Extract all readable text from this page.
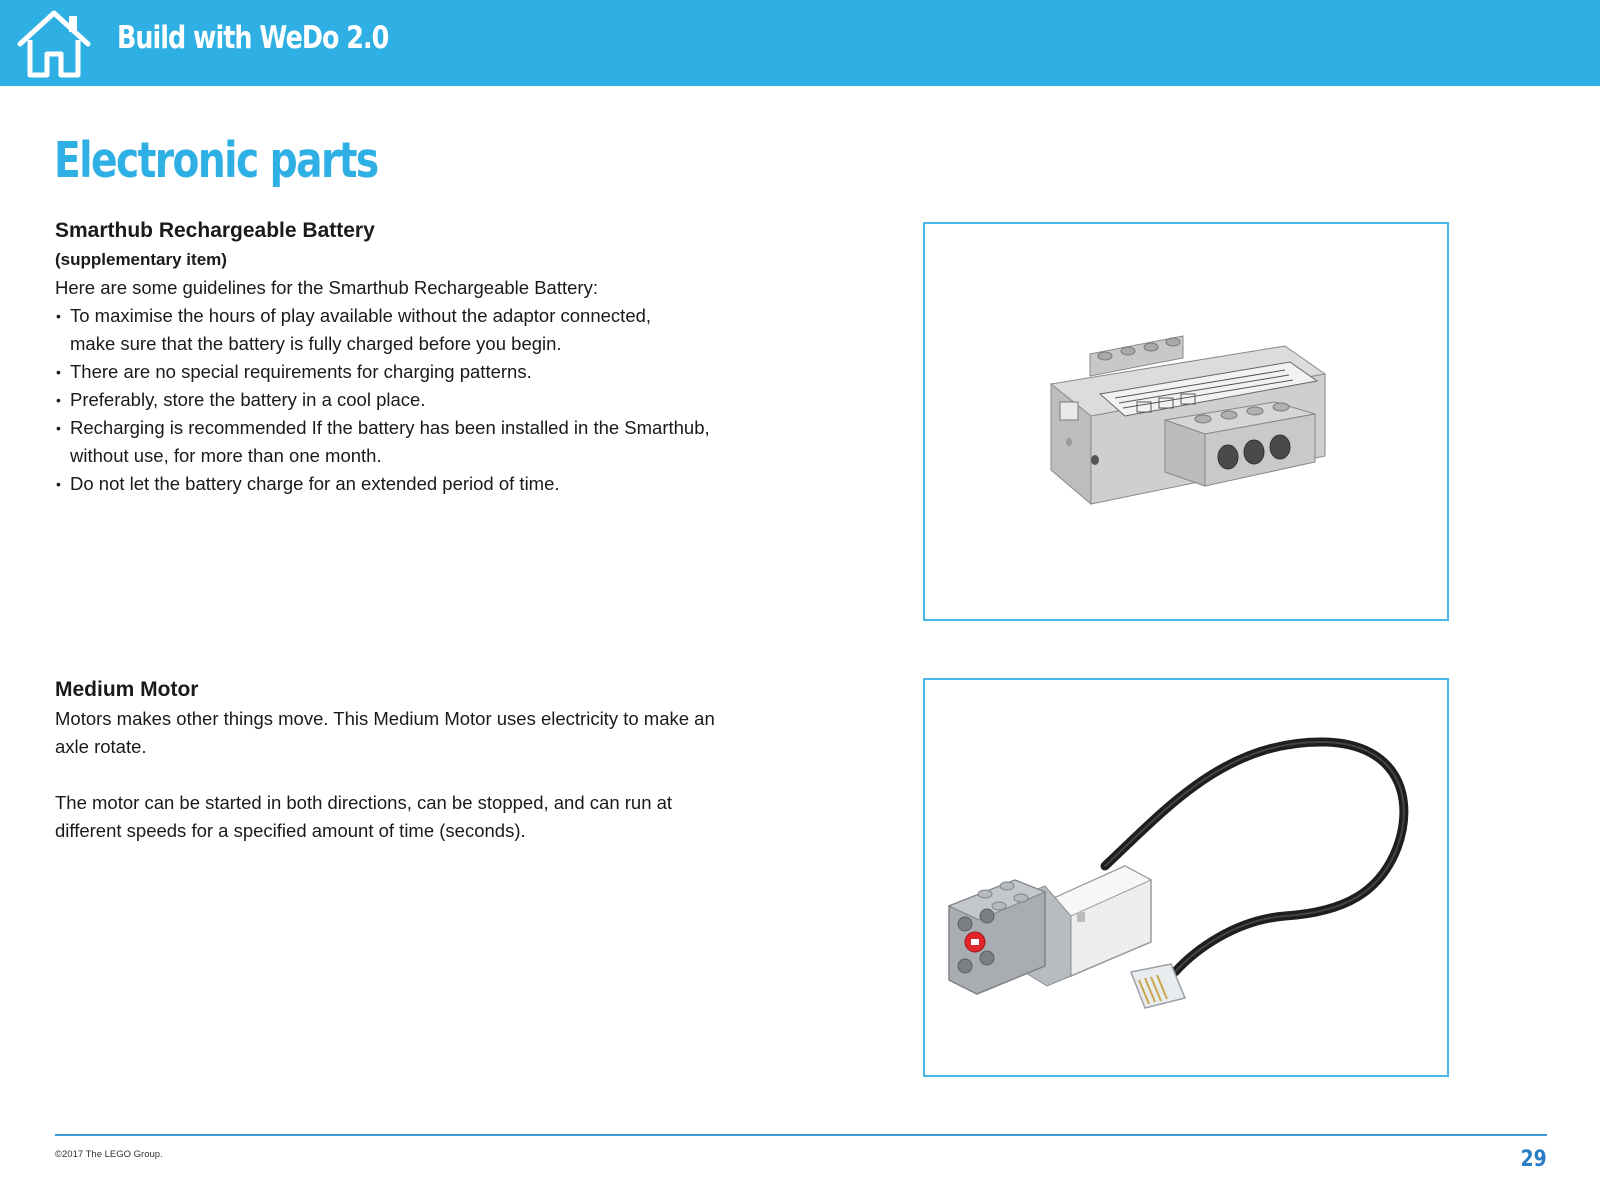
Build with WeDo 2.0
Electronic parts
Smarthub Rechargeable Battery
(supplementary item)

Here are some guidelines for the Smarthub Rechargeable Battery:

• To maximise the hours of play available without the adaptor connected,
make sure that the battery is fully charged before you begin.
• There are no special requirements for charging patterns.
• Preferably, store the battery in a cool place.
• Recharging is recommended If the battery has been installed in the Smarthub,
without use, for more than one month.
• Do not let the battery charge for an extended period of time.
Medium Motor

Motors makes other things move. This Medium Motor uses electricity to make an
axle rotate.

The motor can be started in both directions, can be stopped, and can run at
different speeds for a specified amount of time (seconds).

©2017 The LEGO Group.	29
